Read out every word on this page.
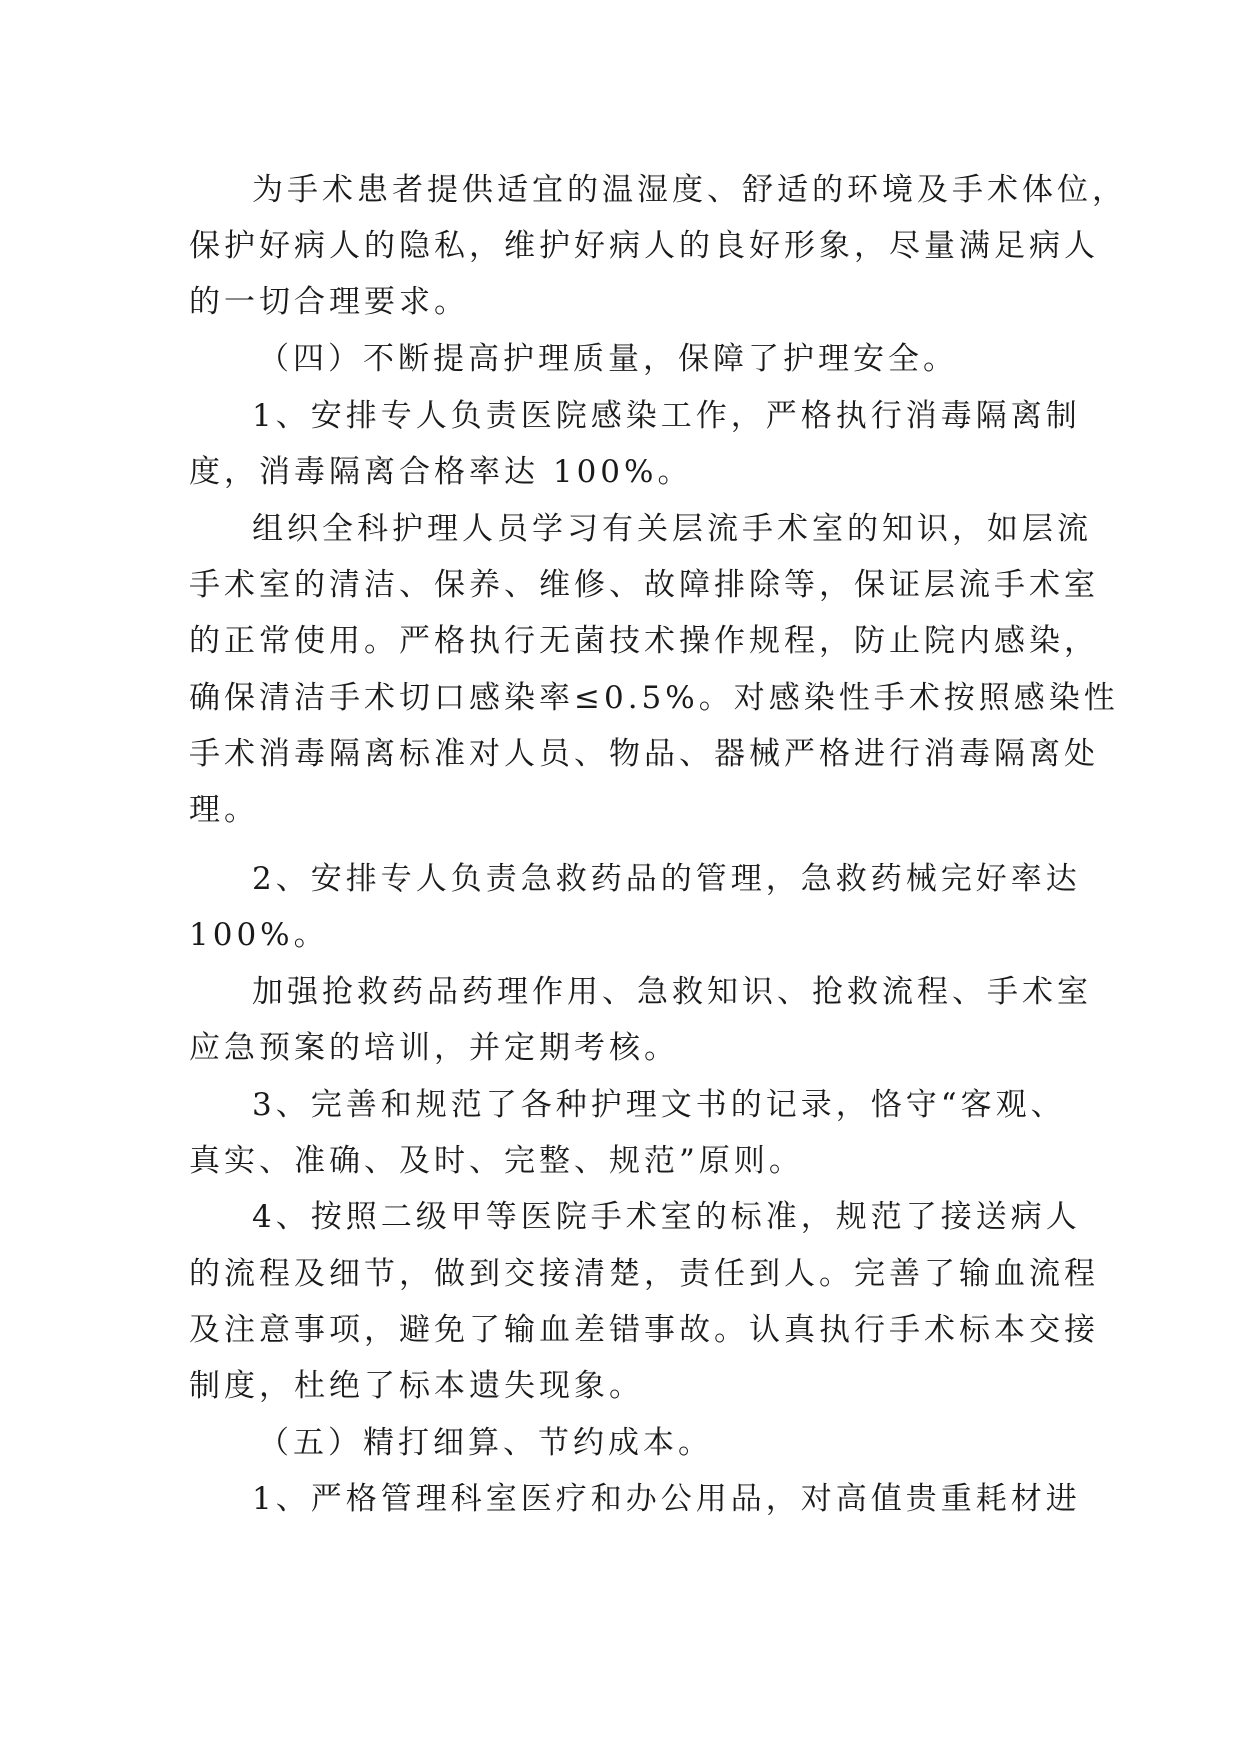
为手术患者提供适宜的温湿度、舒适的环境及手术体位，

保护好病人的隐私，维护好病人的良好形象，尽量满足病人

的一切合理要求。

（四）不断提高护理质量，保障了护理安全。

1、安排专人负责医院感染工作，严格执行消毒隔离制

度，消毒隔离合格率达 100%。

组织全科护理人员学习有关层流手术室的知识，如层流

手术室的清洁、保养、维修、故障排除等，保证层流手术室

的正常使用。严格执行无菌技术操作规程，防止院内感染，

确保清洁手术切口感染率≤0.5%。对感染性手术按照感染性

手术消毒隔离标准对人员、物品、器械严格进行消毒隔离处

理。

2、安排专人负责急救药品的管理，急救药械完好率达

100%。

加强抢救药品药理作用、急救知识、抢救流程、手术室

应急预案的培训，并定期考核。

3、完善和规范了各种护理文书的记录，恪守“客观、

真实、准确、及时、完整、规范”原则。

4、按照二级甲等医院手术室的标准，规范了接送病人

的流程及细节，做到交接清楚，责任到人。完善了输血流程

及注意事项，避免了输血差错事故。认真执行手术标本交接

制度，杜绝了标本遗失现象。

（五）精打细算、节约成本。

1、严格管理科室医疗和办公用品，对高值贵重耗材进
